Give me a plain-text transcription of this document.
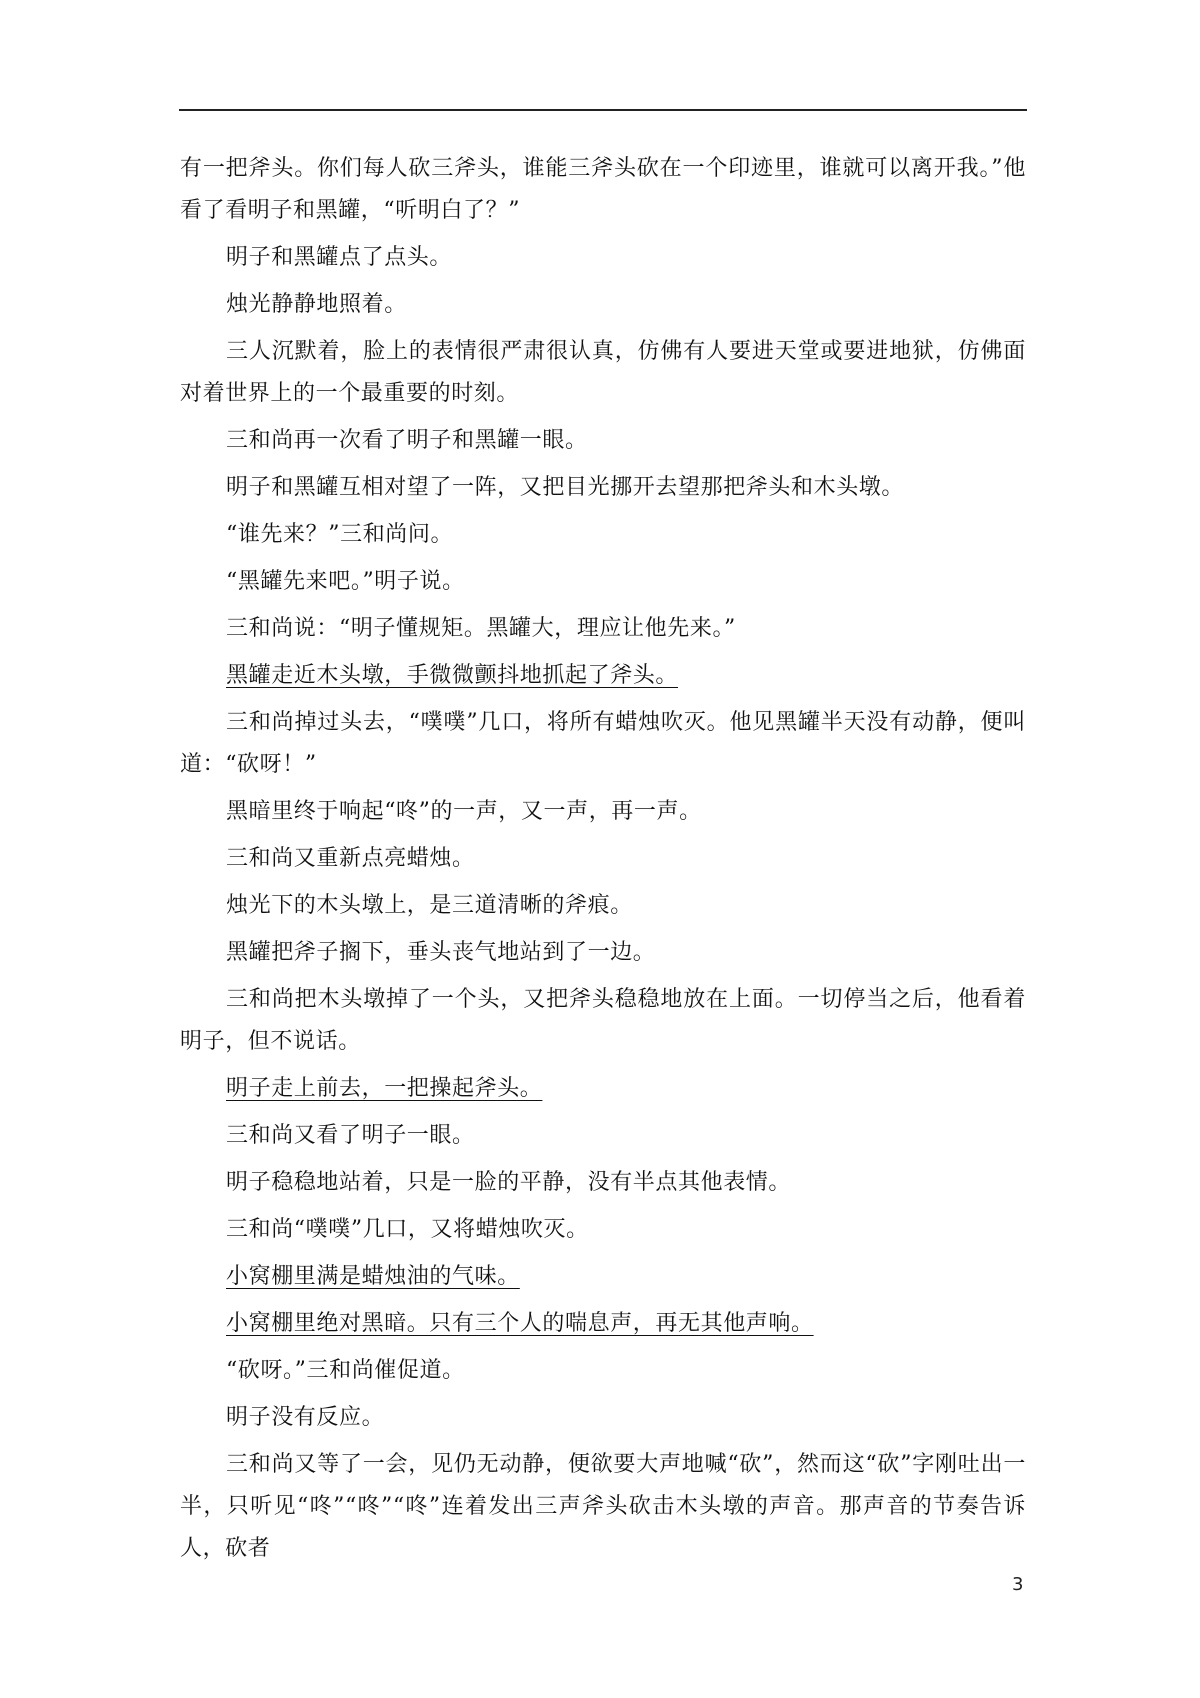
有一把斧头。你们每人砍三斧头，谁能三斧头砍在一个印迹里，谁就可以离开我。”他看了看明子和黑罐，“听明白了？”

明子和黑罐点了点头。

烛光静静地照着。

三人沉默着，脸上的表情很严肃很认真，仿佛有人要进天堂或要进地狱，仿佛面对着世界上的一个最重要的时刻。

三和尚再一次看了明子和黑罐一眼。

明子和黑罐互相对望了一阵，又把目光挪开去望那把斧头和木头墩。

“谁先来？”三和尚问。

“黑罐先来吧。”明子说。

三和尚说：“明子懂规矩。黑罐大，理应让他先来。”

黑罐走近木头墩，手微微颤抖地抓起了斧头。

三和尚掉过头去，“噗噗”几口，将所有蜡烛吹灭。他见黑罐半天没有动静，便叫道：“砍呀！”

黑暗里终于响起“咚”的一声，又一声，再一声。

三和尚又重新点亮蜡烛。

烛光下的木头墩上，是三道清晰的斧痕。

黑罐把斧子搁下，垂头丧气地站到了一边。

三和尚把木头墩掉了一个头，又把斧头稳稳地放在上面。一切停当之后，他看着明子，但不说话。

明子走上前去，一把操起斧头。

三和尚又看了明子一眼。

明子稳稳地站着，只是一脸的平静，没有半点其他表情。

三和尚“噗噗”几口，又将蜡烛吹灭。

小窝棚里满是蜡烛油的气味。

小窝棚里绝对黑暗。只有三个人的喘息声，再无其他声响。

“砍呀。”三和尚催促道。

明子没有反应。

三和尚又等了一会，见仍无动静，便欲要大声地喊“砍”，然而这“砍”字刚吐出一半，只听见“咚”“咚”“咚”连着发出三声斧头砍击木头墩的声音。那声音的节奏告诉人，砍者

3
